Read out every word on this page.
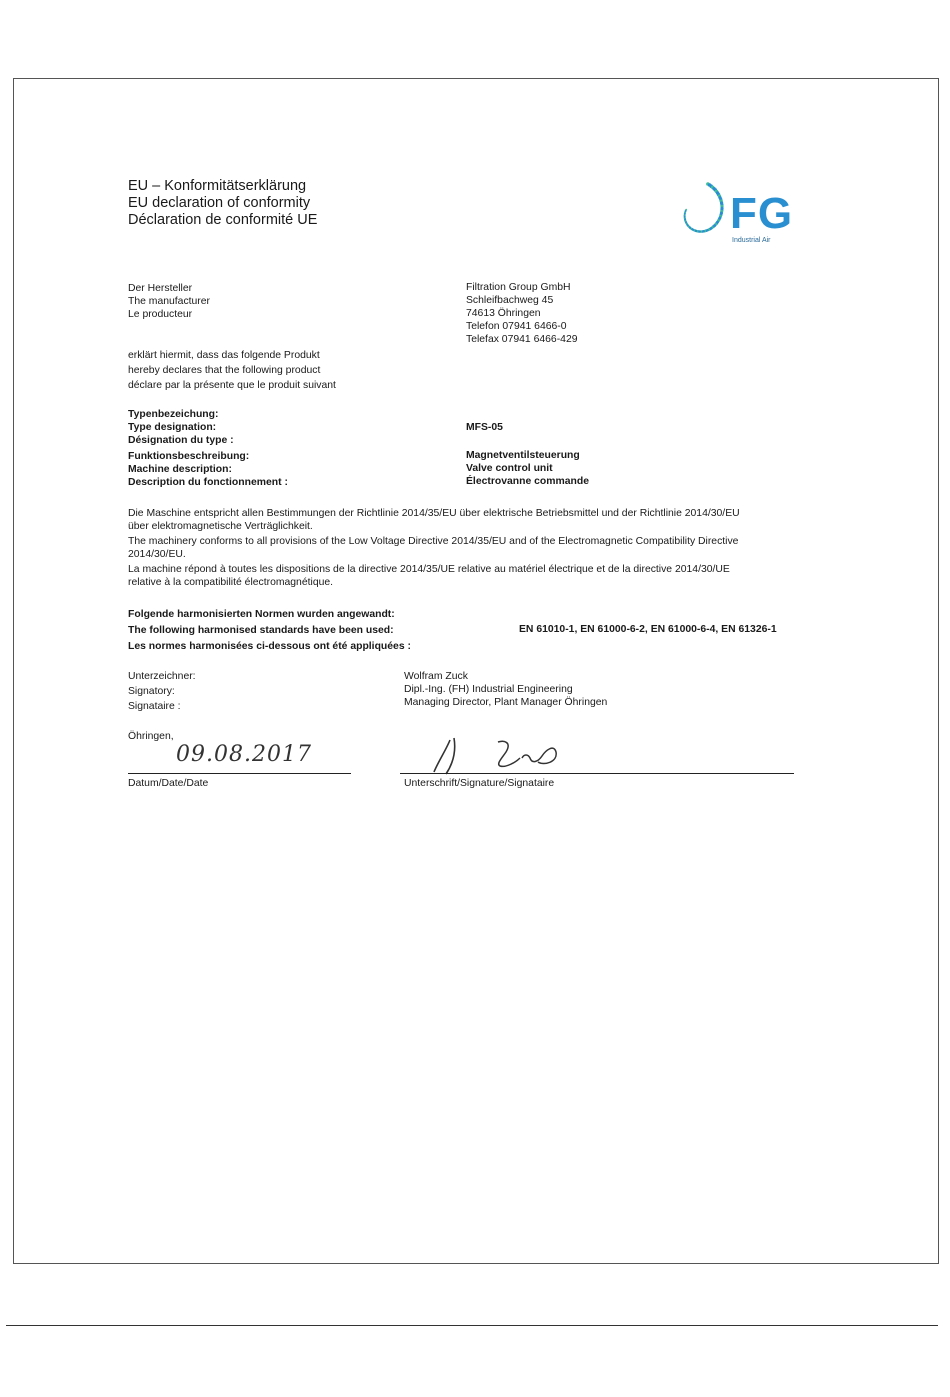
EU – Konformitätserklärung
EU declaration of conformity
Déclaration de conformité UE	FG
Industrial Air
Der Hersteller
The manufacturer
Le producteur
Filtration Group GmbH
Schleifbachweg 45
74613 Öhringen
Telefon 07941 6466-0
Telefax 07941 6466-429
erklärt hiermit, dass das folgende Produkt
hereby declares that the following product
déclare par la présente que le produit suivant
Typenbezeichung:
Type designation:
Désignation du type :
MFS-05
Funktionsbeschreibung:
Machine description:
Description du fonctionnement :
Magnetventilsteuerung
Valve control unit
Électrovanne commande
Die Maschine entspricht allen Bestimmungen der Richtlinie 2014/35/EU über elektrische Betriebsmittel und der Richtlinie 2014/30/EU
über elektromagnetische Verträglichkeit.
The machinery conforms to all provisions of the Low Voltage Directive 2014/35/EU and of the Electromagnetic Compatibility Directive
2014/30/EU.
La machine répond à toutes les dispositions de la directive 2014/35/UE relative au matériel électrique et de la directive 2014/30/UE
relative à la compatibilité électromagnétique.
Folgende harmonisierten Normen wurden angewandt:
The following harmonised standards have been used:
Les normes harmonisées ci-dessous ont été appliquées :
EN 61010-1, EN 61000-6-2, EN 61000-6-4, EN 61326-1
Unterzeichner:
Signatory:
Signataire :
Wolfram Zuck
Dipl.-Ing. (FH) Industrial Engineering
Managing Director, Plant Manager Öhringen
Öhringen,
09.08.2017
Datum/Date/Date	Unterschrift/Signature/Signataire
